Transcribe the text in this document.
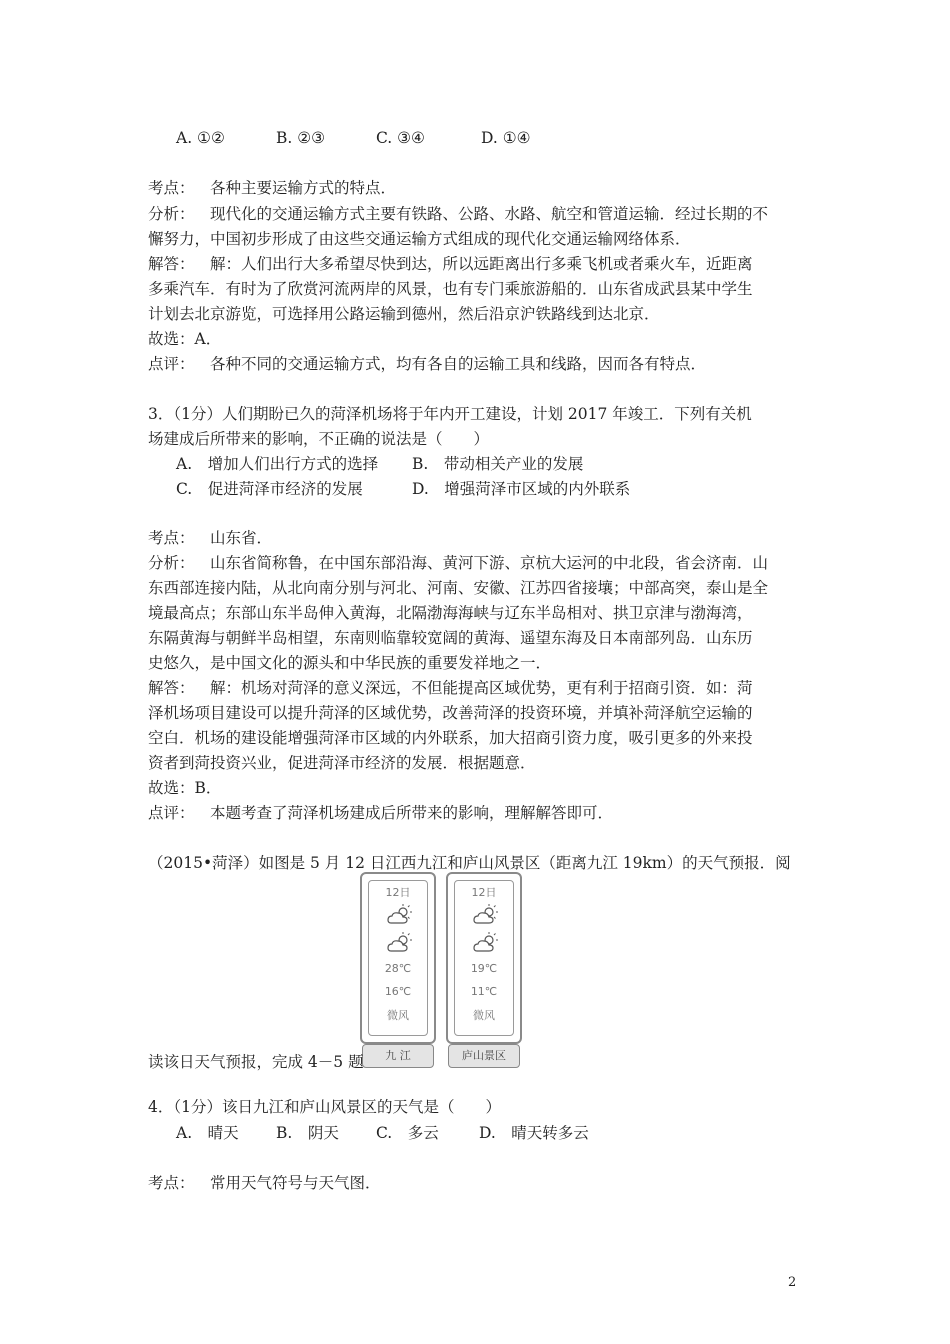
A. ①②	B. ②③	C. ③④	D. ①④
考点： 各种主要运输方式的特点．
分析： 现代化的交通运输方式主要有铁路、公路、水路、航空和管道运输．经过长期的不
懈努力，中国初步形成了由这些交通运输方式组成的现代化交通运输网络体系．
解答： 解：人们出行大多希望尽快到达，所以远距离出行多乘飞机或者乘火车，近距离
多乘汽车．有时为了欣赏河流两岸的风景，也有专门乘旅游船的．山东省成武县某中学生
计划去北京游览，可选择用公路运输到德州，然后沿京沪铁路线到达北京．
故选：A．
点评： 各种不同的交通运输方式，均有各自的运输工具和线路，因而各有特点．
3．（1分）人们期盼已久的菏泽机场将于年内开工建设，计划 2017 年竣工．下列有关机
场建成后所带来的影响，不正确的说法是（　　）
A.　增加人们出行方式的选择 B.　带动相关产业的发展
C.　促进菏泽市经济的发展	D.　增强菏泽市区域的内外联系
考点： 山东省．
分析： 山东省简称鲁，在中国东部沿海、黄河下游、京杭大运河的中北段，省会济南．山
东西部连接内陆，从北向南分别与河北、河南、安徽、江苏四省接壤；中部高突，泰山是全
境最高点；东部山东半岛伸入黄海，北隔渤海海峡与辽东半岛相对、拱卫京津与渤海湾，
东隔黄海与朝鲜半岛相望，东南则临靠较宽阔的黄海、遥望东海及日本南部列岛．山东历
史悠久，是中国文化的源头和中华民族的重要发祥地之一．
解答： 解：机场对菏泽的意义深远，不但能提高区域优势，更有利于招商引资．如：菏
泽机场项目建设可以提升菏泽的区域优势，改善菏泽的投资环境，并填补菏泽航空运输的
空白．机场的建设能增强菏泽市区域的内外联系，加大招商引资力度，吸引更多的外来投
资者到菏投资兴业，促进菏泽市经济的发展．根据题意．
故选：B．
点评： 本题考查了菏泽机场建成后所带来的影响，理解解答即可．
（2015•菏泽）如图是 5 月 12 日江西九江和庐山风景区（距离九江 19km）的天气预报．阅
12日
28℃
16℃
微风
九 江
12日
19℃
11℃
微风
庐山景区
读该日天气预报，完成 4－5 题
4．（1分）该日九江和庐山风景区的天气是（　　）
A.　晴天 B.　阴天 C.　多云	D.　晴天转多云
考点： 常用天气符号与天气图．
2
